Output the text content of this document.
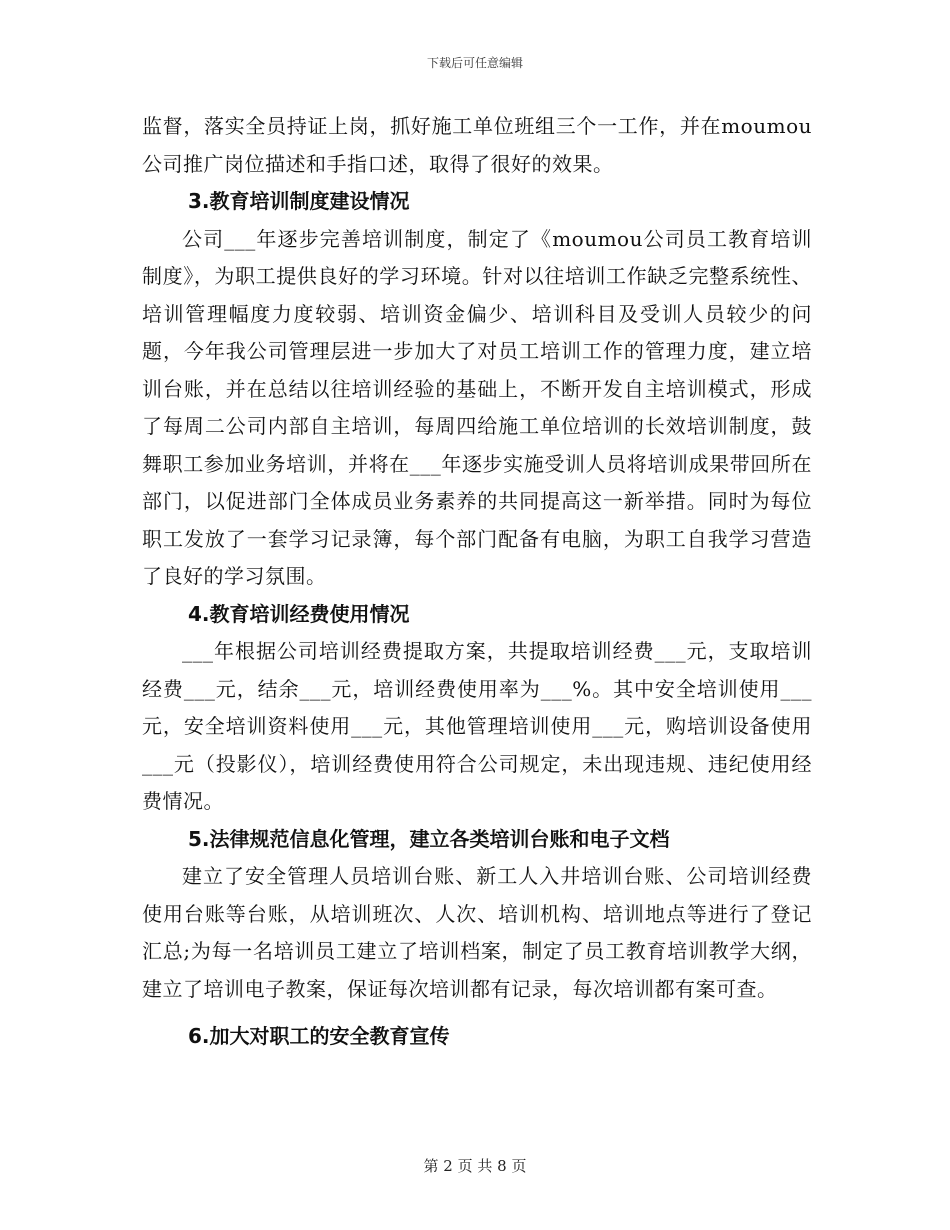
下载后可任意编辑

监督，落实全员持证上岗，抓好施工单位班组三个一工作，并在moumou公司推广岗位描述和手指口述，取得了很好的效果。

3.教育培训制度建设情况

公司___年逐步完善培训制度，制定了《moumou公司员工教育培训制度》，为职工提供良好的学习环境。针对以往培训工作缺乏完整系统性、培训管理幅度力度较弱、培训资金偏少、培训科目及受训人员较少的问题，今年我公司管理层进一步加大了对员工培训工作的管理力度，建立培训台账，并在总结以往培训经验的基础上，不断开发自主培训模式，形成了每周二公司内部自主培训，每周四给施工单位培训的长效培训制度，鼓舞职工参加业务培训，并将在___年逐步实施受训人员将培训成果带回所在部门，以促进部门全体成员业务素养的共同提高这一新举措。同时为每位职工发放了一套学习记录簿，每个部门配备有电脑，为职工自我学习营造了良好的学习氛围。

4.教育培训经费使用情况

___年根据公司培训经费提取方案，共提取培训经费___元，支取培训经费___元，结余___元，培训经费使用率为___%。其中安全培训使用___元，安全培训资料使用___元，其他管理培训使用___元，购培训设备使用___元（投影仪），培训经费使用符合公司规定，未出现违规、违纪使用经费情况。

5.法律规范信息化管理，建立各类培训台账和电子文档

建立了安全管理人员培训台账、新工人入井培训台账、公司培训经费使用台账等台账，从培训班次、人次、培训机构、培训地点等进行了登记汇总;为每一名培训员工建立了培训档案，制定了员工教育培训教学大纲，建立了培训电子教案，保证每次培训都有记录，每次培训都有案可查。

6.加大对职工的安全教育宣传

第 2 页 共 8 页
